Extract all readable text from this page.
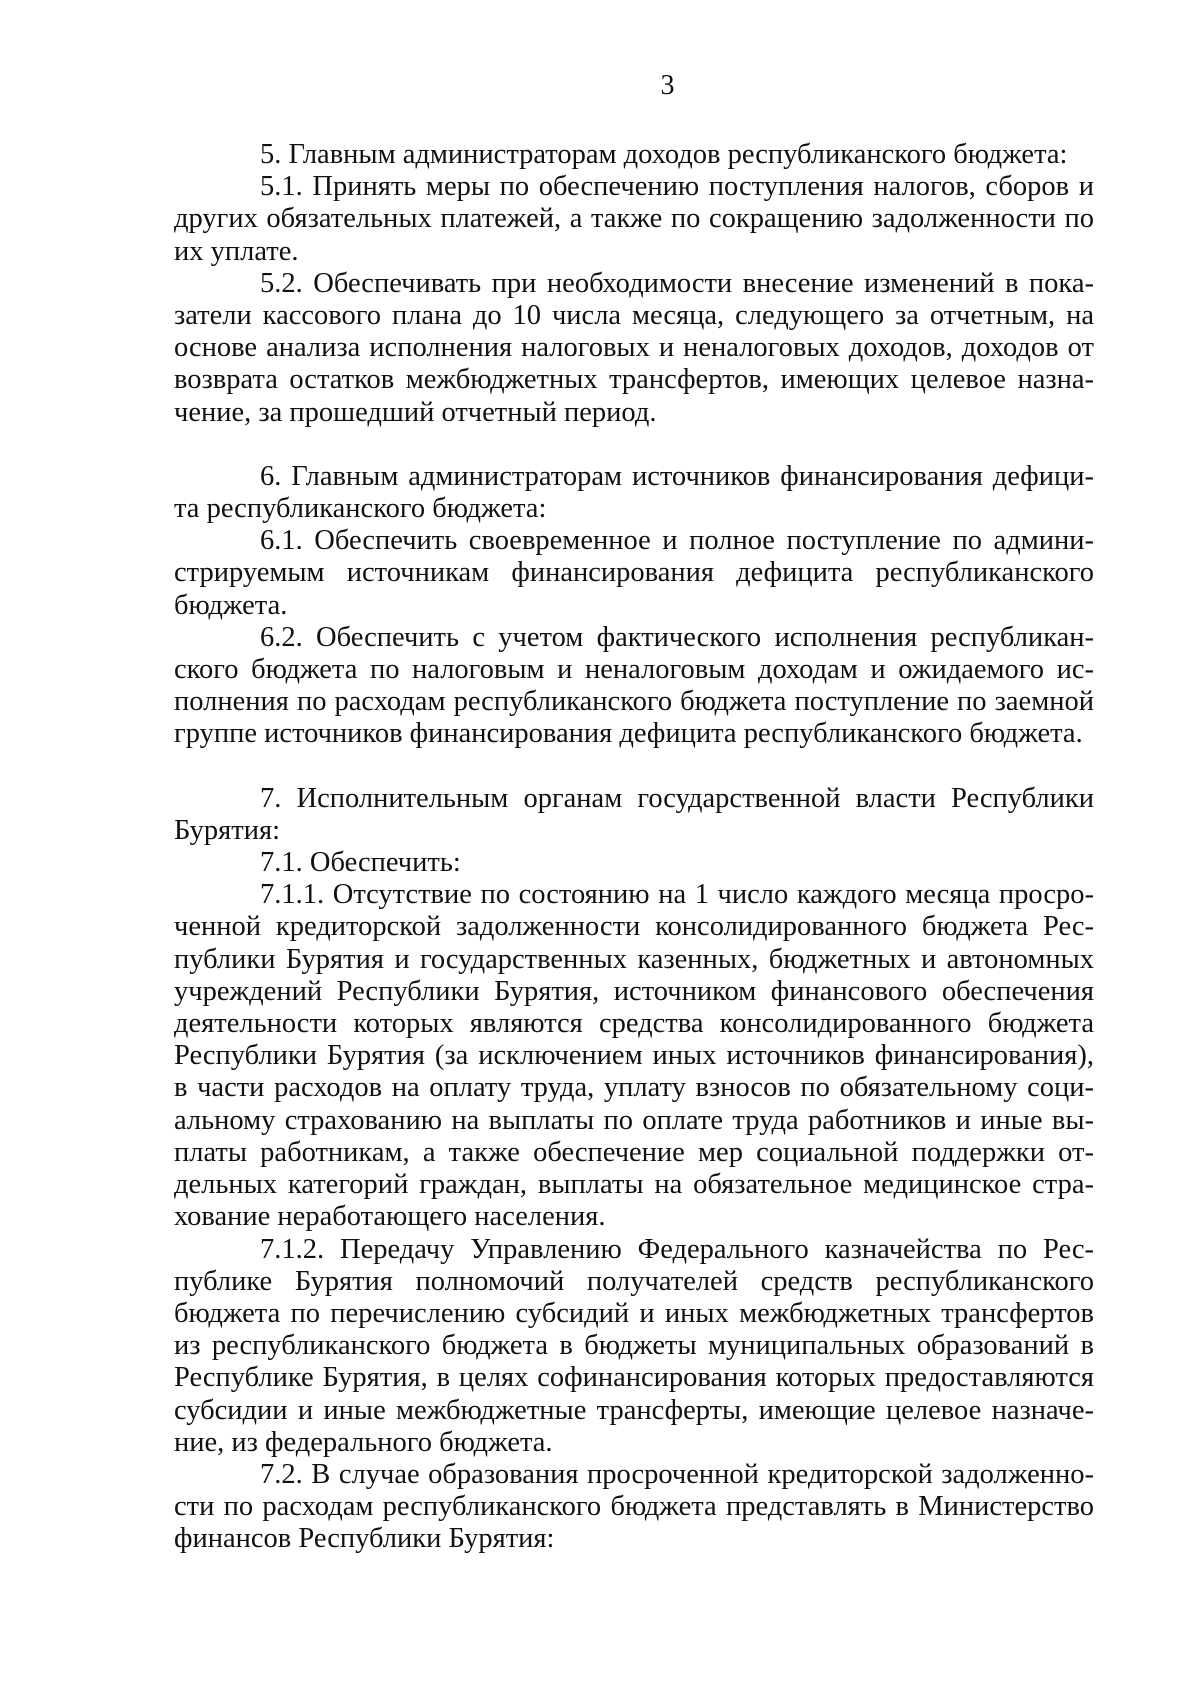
3

5. Главным администраторам доходов республиканского бюджета:

5.1. Принять меры по обеспечению поступления налогов, сборов и
других обязательных платежей, а также по сокращению задолженности по
их уплате.

5.2. Обеспечивать при необходимости внесение изменений в пока-
затели кассового плана до 10 числа месяца, следующего за отчетным, на
основе анализа исполнения налоговых и неналоговых доходов, доходов от
возврата остатков межбюджетных трансфертов, имеющих целевое назна-
чение, за прошедший отчетный период.

6. Главным администраторам источников финансирования дефици-
та республиканского бюджета:

6.1. Обеспечить своевременное и полное поступление по админи-
стрируемым источникам финансирования дефицита республиканского
бюджета.

6.2. Обеспечить с учетом фактического исполнения республикан-
ского бюджета по налоговым и неналоговым доходам и ожидаемого ис-
полнения по расходам республиканского бюджета поступление по заемной
группе источников финансирования дефицита республиканского бюджета.

7. Исполнительным органам государственной власти Республики
Бурятия:

7.1. Обеспечить:

7.1.1. Отсутствие по состоянию на 1 число каждого месяца просро-
ченной кредиторской задолженности консолидированного бюджета Рес-
публики Бурятия и государственных казенных, бюджетных и автономных
учреждений Республики Бурятия, источником финансового обеспечения
деятельности которых являются средства консолидированного бюджета
Республики Бурятия (за исключением иных источников финансирования),
в части расходов на оплату труда, уплату взносов по обязательному соци-
альному страхованию на выплаты по оплате труда работников и иные вы-
платы работникам, а также обеспечение мер социальной поддержки от-
дельных категорий граждан, выплаты на обязательное медицинское стра-
хование неработающего населения.

7.1.2. Передачу Управлению Федерального казначейства по Рес-
публике Бурятия полномочий получателей средств республиканского
бюджета по перечислению субсидий и иных межбюджетных трансфертов
из республиканского бюджета в бюджеты муниципальных образований в
Республике Бурятия, в целях софинансирования которых предоставляются
субсидии и иные межбюджетные трансферты, имеющие целевое назначе-
ние, из федерального бюджета.

7.2. В случае образования просроченной кредиторской задолженно-
сти по расходам республиканского бюджета представлять в Министерство
финансов Республики Бурятия:
